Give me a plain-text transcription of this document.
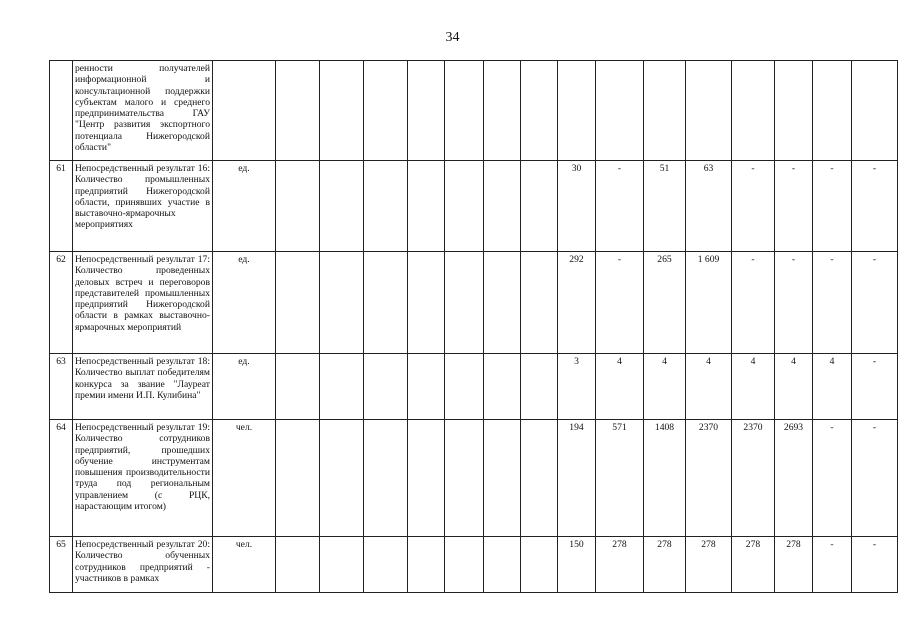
34
	ренности получателей информационной и консультационной поддержки субъектам малого и среднего предпринимательства ГАУ "Центр развития экспортного потенциала Нижегородской области"																
61	Непосредственный результат 16: Количество промышленных предприятий Нижегородской области, принявших участие в выставочно-ярмарочных мероприятиях	ед.								30	-	51	63	-	-	-	-
62	Непосредственный результат 17: Количество проведенных деловых встреч и переговоров представителей промышленных предприятий Нижегородской области в рамках выставочно-ярмарочных мероприятий	ед.								292	-	265	1 609	-	-	-	-
63	Непосредственный результат 18: Количество выплат победителям конкурса за звание "Лауреат премии имени И.П. Кулибина"	ед.								3	4	4	4	4	4	4	-
64	Непосредственный результат 19: Количество сотрудников предприятий, прошедших обучение инструментам повышения производительности труда под региональным управлением (с РЦК, нарастающим итогом)	чел.								194	571	1408	2370	2370	2693	-	-
65	Непосредственный результат 20: Количество обученных сотрудников предприятий - участников в рамках	чел.								150	278	278	278	278	278	-	-
